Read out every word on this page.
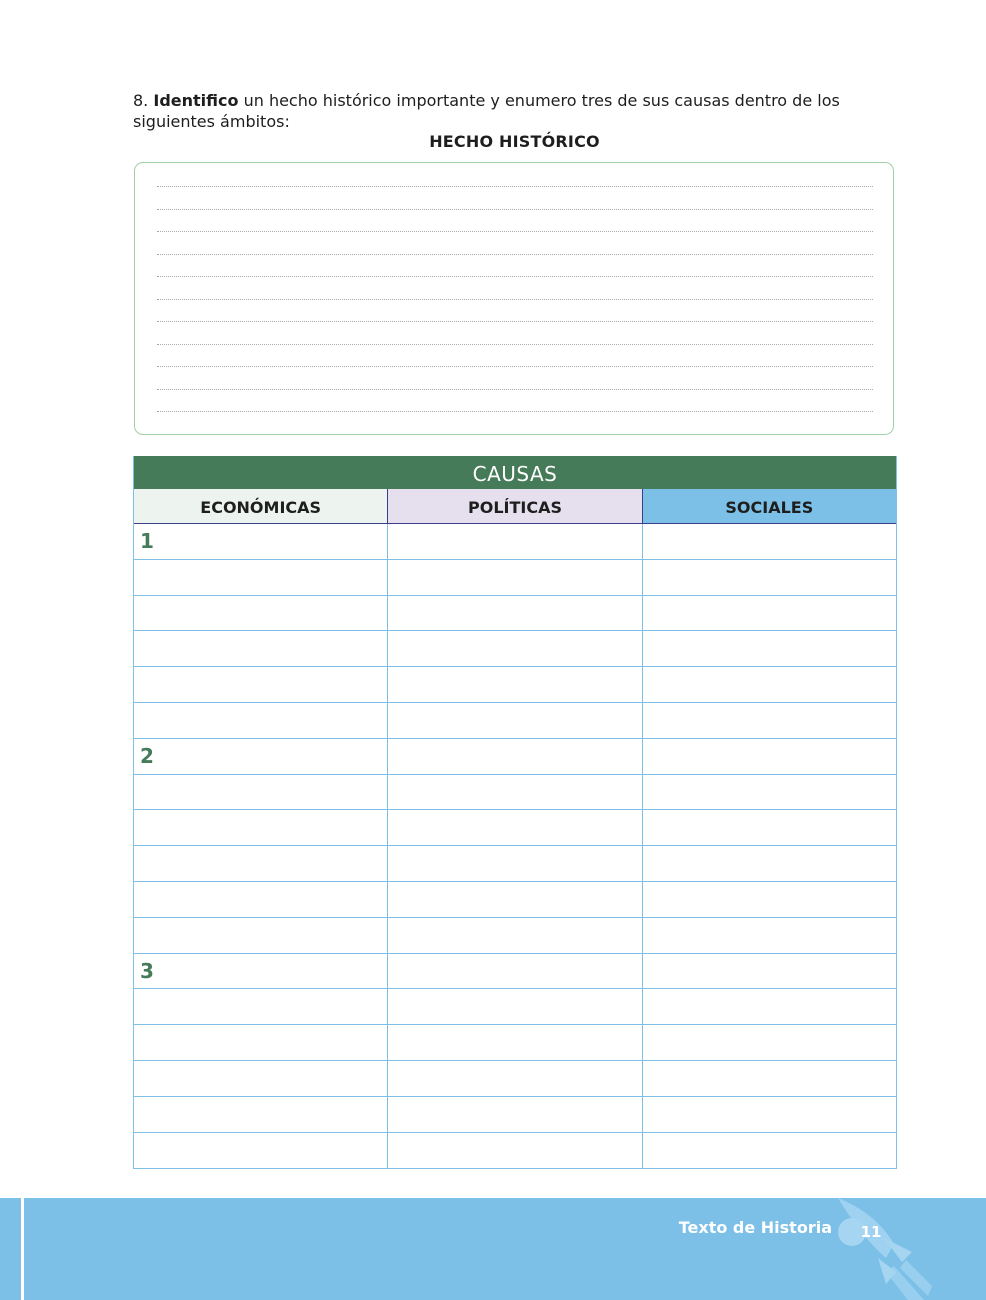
8. Identifico un hecho histórico importante y enumero tres de sus causas dentro de los siguientes ámbitos:
HECHO HISTÓRICO
CAUSAS
ECONÓMICAS	POLÍTICAS	SOCIALES
1
2
3
Texto de Historia 11
